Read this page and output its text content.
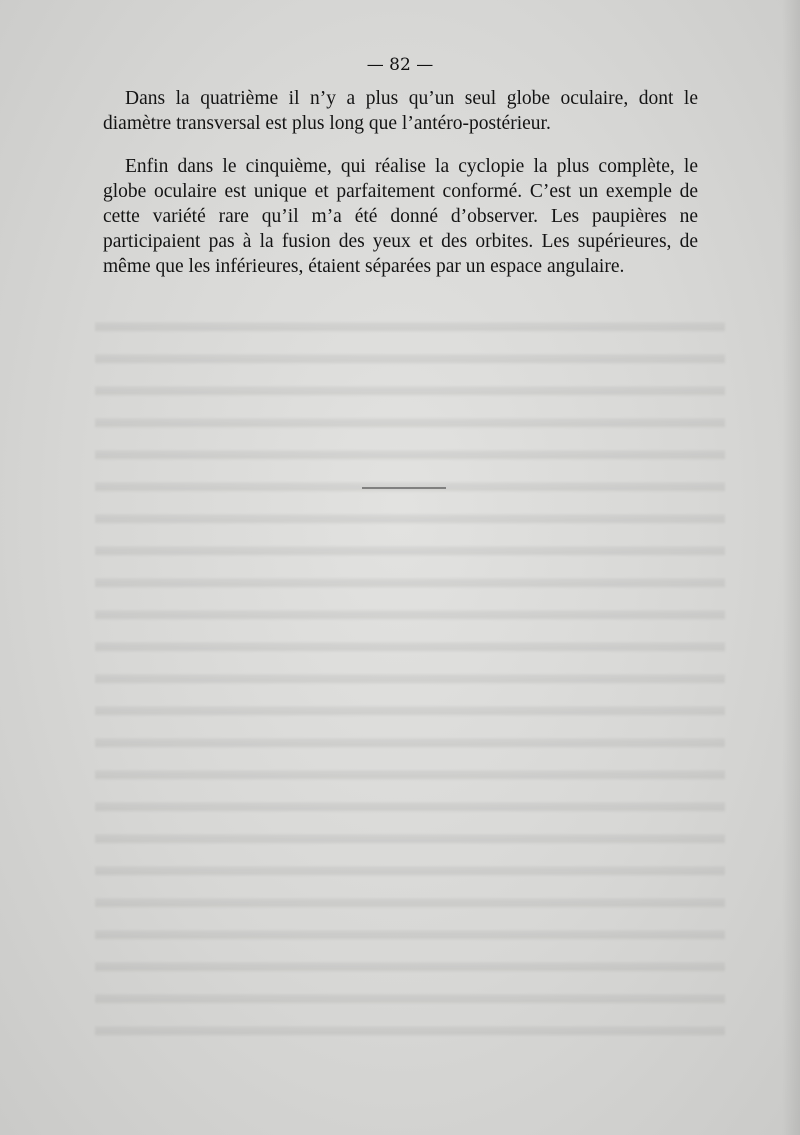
— 82 —

Dans la quatrième il n’y a plus qu’un seul globe oculaire, dont le diamètre transversal est plus long que l’antéro-postérieur.

Enfin dans le cinquième, qui réalise la cyclopie la plus complète, le globe oculaire est unique et parfaitement conformé. C’est un exemple de cette variété rare qu’il m’a été donné d’observer. Les paupières ne participaient pas à la fusion des yeux et des orbites. Les supérieures, de même que les inférieures, étaient séparées par un espace angulaire.
